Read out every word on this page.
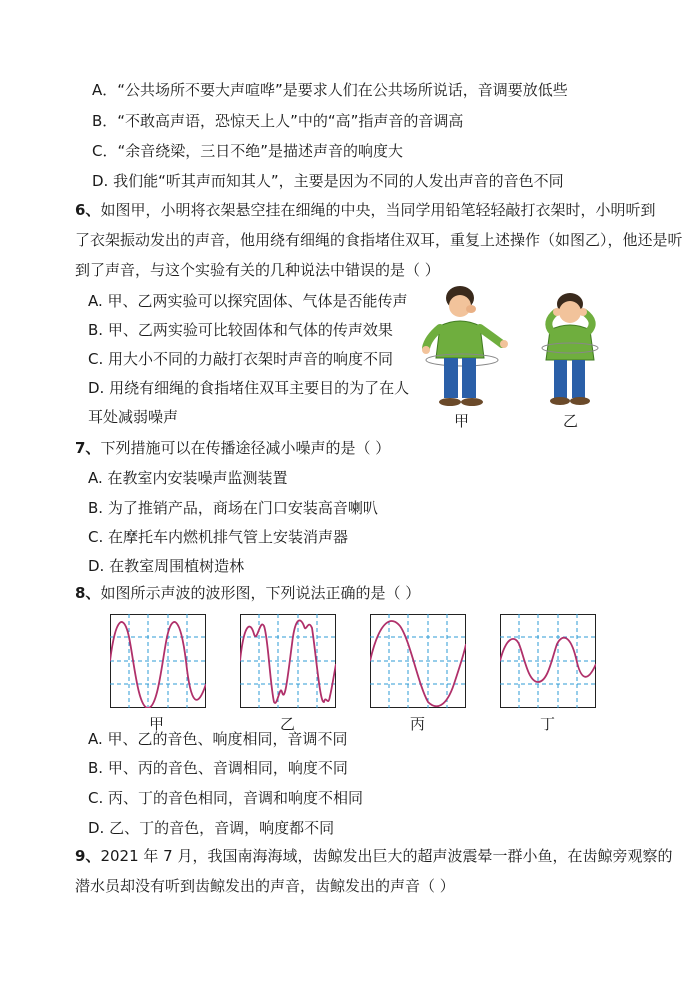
A．“公共场所不要大声喧哗”是要求人们在公共场所说话，音调要放低些
B．“不敢高声语，恐惊天上人”中的“高”指声音的音调高
C．“余音绕梁，三日不绝”是描述声音的响度大
D. 我们能“听其声而知其人”，主要是因为不同的人发出声音的音色不同
6、如图甲，小明将衣架悬空挂在细绳的中央，当同学用铅笔轻轻敲打衣架时，小明听到
了衣架振动发出的声音，他用绕有细绳的食指堵住双耳，重复上述操作（如图乙），他还是听
到了声音，与这个实验有关的几种说法中错误的是（ ）
A. 甲、乙两实验可以探究固体、气体是否能传声
B. 甲、乙两实验可比较固体和气体的传声效果
C. 用大小不同的力敲打衣架时声音的响度不同
D. 用绕有细绳的食指堵住双耳主要目的为了在人
耳处减弱噪声	甲	乙
7、下列措施可以在传播途径减小噪声的是（ ）
A. 在教室内安装噪声监测装置
B. 为了推销产品，商场在门口安装高音喇叭
C. 在摩托车内燃机排气管上安装消声器
D. 在教室周围植树造林
8、如图所示声波的波形图，下列说法正确的是（ ）
甲	乙	丙	丁
A. 甲、乙的音色、响度相同，音调不同
B. 甲、丙的音色、音调相同，响度不同
C. 丙、丁的音色相同，音调和响度不相同
D. 乙、丁的音色，音调，响度都不同
9、2021 年 7 月，我国南海海域，齿鲸发出巨大的超声波震晕一群小鱼，在齿鲸旁观察的
潜水员却没有听到齿鲸发出的声音，齿鲸发出的声音（ ）
